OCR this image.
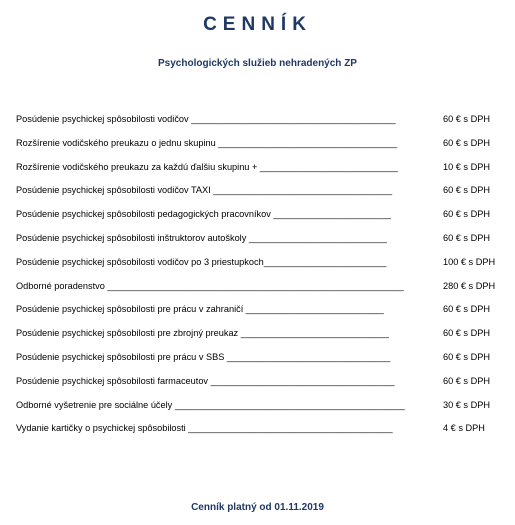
CENNÍK
Psychologických služieb nehradených ZP
Posúdenie psychickej spôsobilosti vodičov ________________________________________	60 € s DPH
Rozšírenie vodičského preukazu o jednu skupinu ___________________________________	60 € s DPH
Rozšírenie vodičského preukazu za každú ďalšiu skupinu + ___________________________	10 € s DPH
Posúdenie psychickej spôsobilosti vodičov TAXI ___________________________________	60 € s DPH
Posúdenie psychickej spôsobilosti pedagogických pracovníkov _______________________	60 € s DPH
Posúdenie psychickej spôsobilosti inštruktorov autoškoly ___________________________	60 € s DPH
Posúdenie psychickej spôsobilosti vodičov po 3 priestupkoch________________________	100 € s DPH
Odborné poradenstvo __________________________________________________________	280 € s DPH
Posúdenie psychickej spôsobilosti pre prácu v zahraničí ___________________________	60 € s DPH
Posúdenie psychickej spôsobilosti pre zbrojný preukaz _____________________________	60 € s DPH
Posúdenie psychickej spôsobilosti pre prácu v SBS ________________________________	60 € s DPH
Posúdenie psychickej spôsobilosti farmaceutov ____________________________________	60 € s DPH
Odborné vyšetrenie pre sociálne účely _____________________________________________	30 € s DPH
Vydanie kartičky o psychickej spôsobilosti ________________________________________	4 € s DPH
Cenník platný od 01.11.2019
